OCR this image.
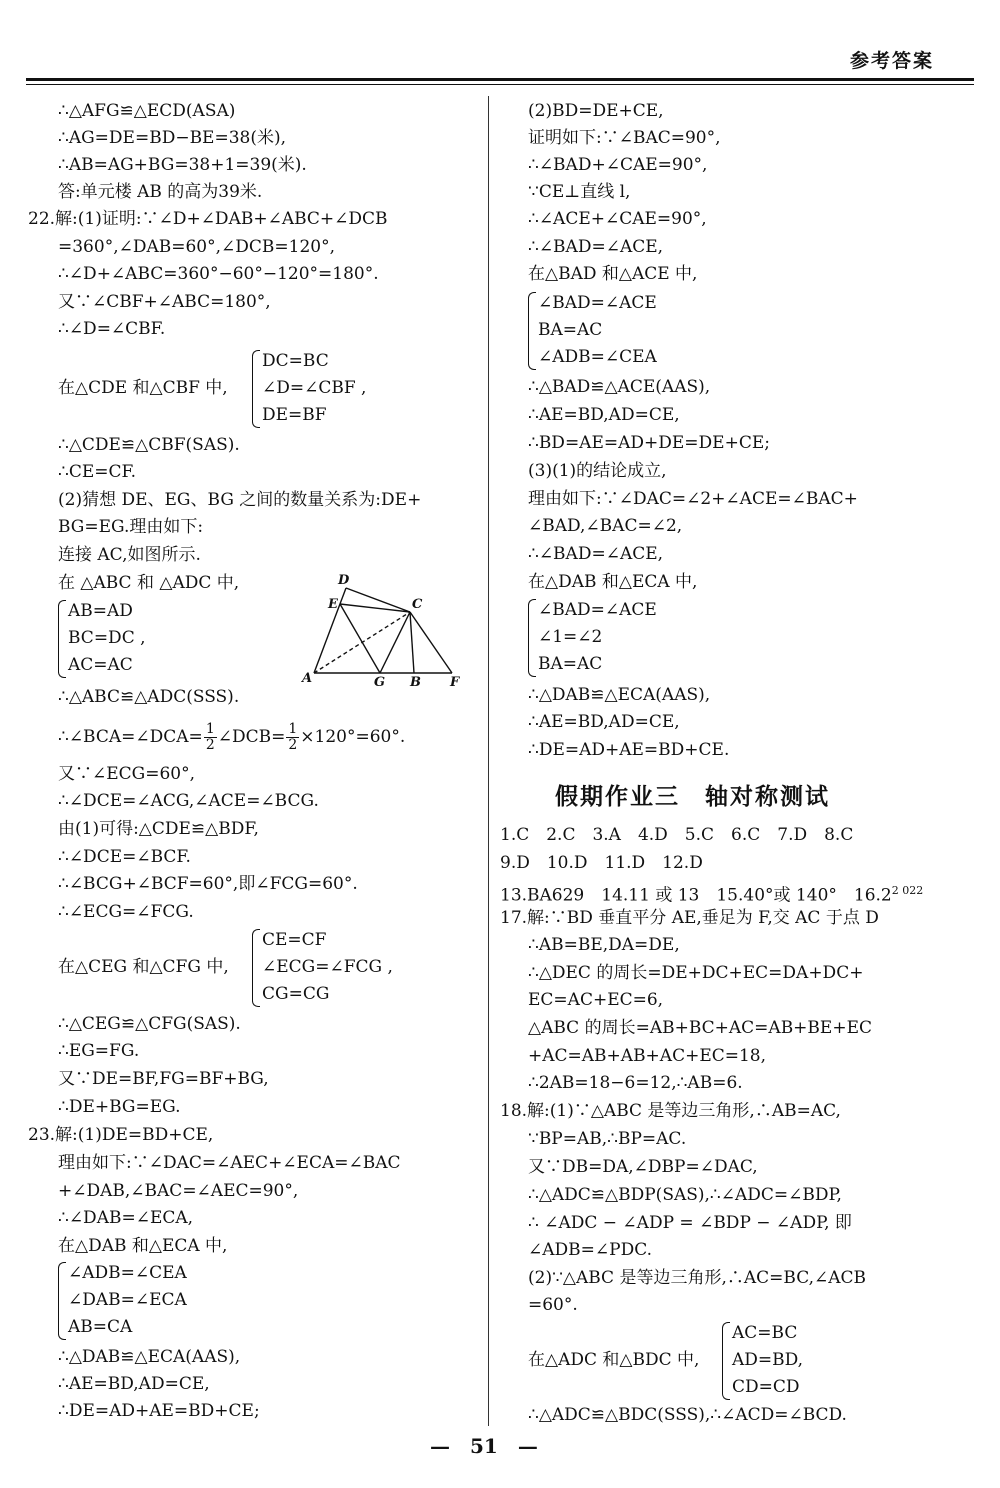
参考答案
∴△AFG≌△ECD(ASA)
∴AG=DE=BD−BE=38(米),
∴AB=AG+BG=38+1=39(米).
答:单元楼 AB 的高为39米.
22.解:(1)证明:∵∠D+∠DAB+∠ABC+∠DCB
=360°,∠DAB=60°,∠DCB=120°,
∴∠D+∠ABC=360°−60°−120°=180°.
又∵∠CBF+∠ABC=180°,
∴∠D=∠CBF.
在△CDE 和△CBF 中,
DC=BC
∠D=∠CBF ,
DE=BF
∴△CDE≌△CBF(SAS).
∴CE=CF.
(2)猜想 DE、EG、BG 之间的数量关系为:DE+
BG=EG.理由如下:
连接 AC,如图所示.
在 △ABC 和 △ADC 中,
AB=AD
BC=DC ,
AC=AC
D
E	C
A	G B F
∴△ABC≌△ADC(SSS).
∴∠BCA=∠DCA= $\frac{1}{2}$ ∠DCB= $\frac{1}{2} \times 120^\circ=60^\circ$.
又∵∠ECG=60°,
∴∠DCE=∠ACG,∠ACE=∠BCG.
由(1)可得:△CDE≌△BDF,
∴∠DCE=∠BCF.
∴∠BCG+∠BCF=60°,即∠FCG=60°.
∴∠ECG=∠FCG.
在△CEG 和△CFG 中,
CE=CF
∠ECG=∠FCG ,
CG=CG
∴△CEG≌△CFG(SAS).
∴EG=FG.
又∵DE=BF,FG=BF+BG,
∴DE+BG=EG.
23.解:(1)DE=BD+CE,
理由如下:∵∠DAC=∠AEC+∠ECA=∠BAC
+∠DAB,∠BAC=∠AEC=90°,
∴∠DAB=∠ECA,
在△DAB 和△ECA 中,
∠ADB=∠CEA
∠DAB=∠ECA
AB=CA
∴△DAB≌△ECA(AAS),
∴AE=BD,AD=CE,
∴DE=AD+AE=BD+CE;
(2)BD=DE+CE,
证明如下:∵∠BAC=90°,
∴∠BAD+∠CAE=90°,
∵CE⊥直线 l,
∴∠ACE+∠CAE=90°,
∴∠BAD=∠ACE,
在△BAD 和△ACE 中,
∠BAD=∠ACE
BA=AC
∠ADB=∠CEA
∴△BAD≌△ACE(AAS),
∴AE=BD,AD=CE,
∴BD=AE=AD+DE=DE+CE;
(3)(1)的结论成立,
理由如下:∵∠DAC=∠2+∠ACE=∠BAC+
∠BAD,∠BAC=∠2,
∴∠BAD=∠ACE,
在△DAB 和△ECA 中,
∠BAD=∠ACE
∠1=∠2
BA=AC
∴△DAB≌△ECA(AAS),
∴AE=BD,AD=CE,
∴DE=AD+AE=BD+CE.
假期作业三　轴对称测试
1.C　2.C　3.A　4.D　5.C　6.C　7.D　8.C
9.D　10.D　11.D　12.D
13.BA629　14.11 或 13　15.40°或 140°　$16.2^{2 022}$
17.解:∵BD 垂直平分 AE,垂足为 F,交 AC 于点 D
∴AB=BE,DA=DE,
∴△DEC 的周长=DE+DC+EC=DA+DC+
EC=AC+EC=6,
△ABC 的周长=AB+BC+AC=AB+BE+EC
+AC=AB+AB+AC+EC=18,
∴2AB=18−6=12,∴AB=6.
18.解:(1)∵△ABC 是等边三角形,∴AB=AC,
∵BP=AB,∴BP=AC.
又∵DB=DA,∠DBP=∠DAC,
∴△ADC≌△BDP(SAS),∴∠ADC=∠BDP,
∴ ∠ADC − ∠ADP = ∠BDP − ∠ADP, 即
∠ADB=∠PDC.
(2)∵△ABC 是等边三角形,∴AC=BC,∠ACB
=60°.
在△ADC 和△BDC 中,
AC=BC
AD=BD,
CD=CD
∴△ADC≌△BDC(SSS),∴∠ACD=∠BCD.
—　51　—
